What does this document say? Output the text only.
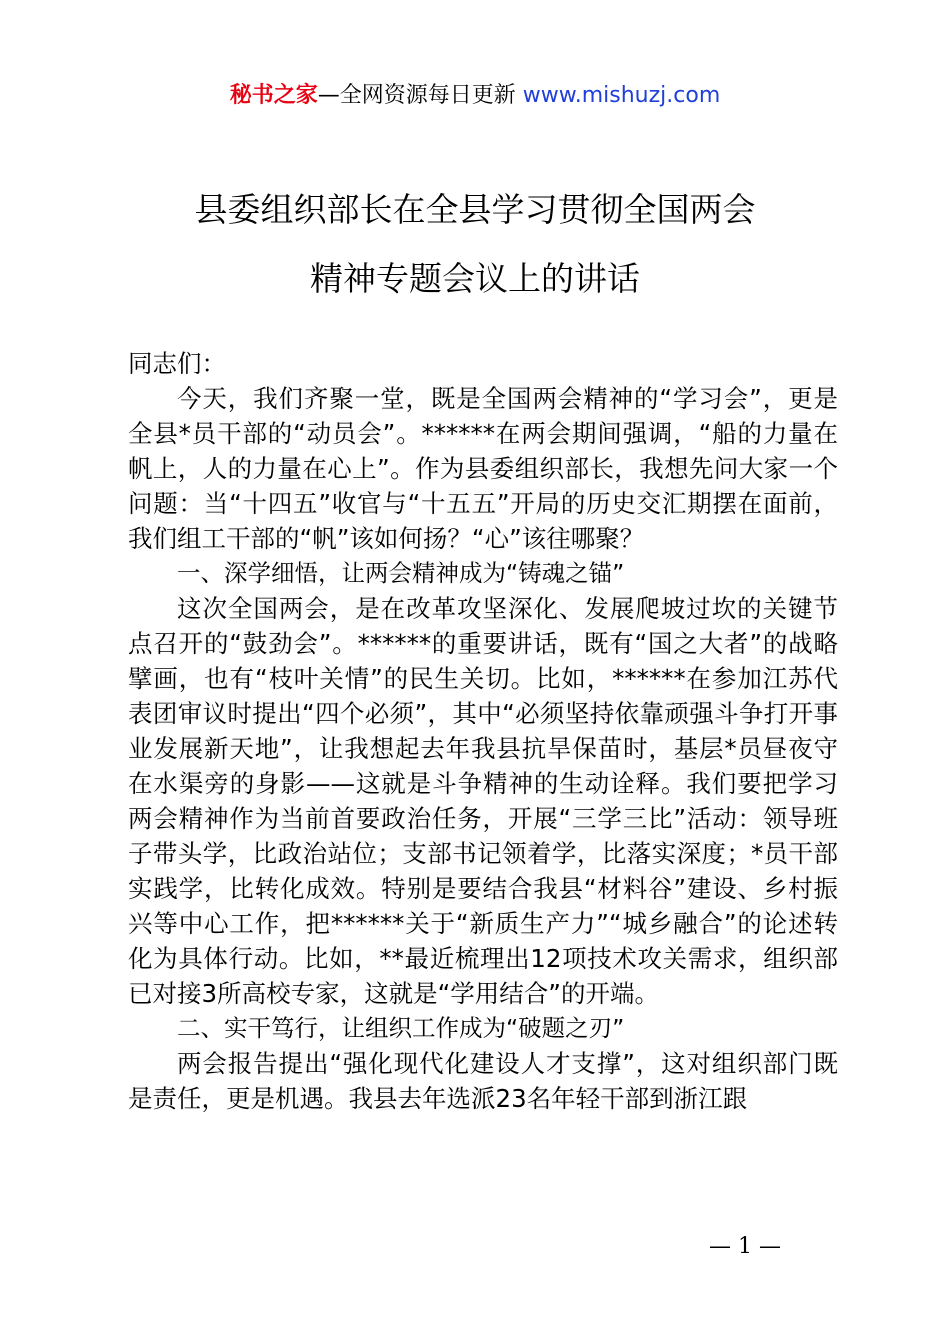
秘书之家—全网资源每日更新 www.mishuzj.com
县委组织部长在全县学习贯彻全国两会
精神专题会议上的讲话

同志们：

今天，我们齐聚一堂，既是全国两会精神的“学习会”，更是全县*员干部的“动员会”。******在两会期间强调，“船的力量在帆上，人的力量在心上”。作为县委组织部长，我想先问大家一个问题：当“十四五”收官与“十五五”开局的历史交汇期摆在面前，我们组工干部的“帆”该如何扬？“心”该往哪聚？

一、深学细悟，让两会精神成为“铸魂之锚”

这次全国两会，是在改革攻坚深化、发展爬坡过坎的关键节点召开的“鼓劲会”。******的重要讲话，既有“国之大者”的战略擘画，也有“枝叶关情”的民生关切。比如，******在参加江苏代表团审议时提出“四个必须”，其中“必须坚持依靠顽强斗争打开事业发展新天地”，让我想起去年我县抗旱保苗时，基层*员昼夜守在水渠旁的身影——这就是斗争精神的生动诠释。我们要把学习两会精神作为当前首要政治任务，开展“三学三比”活动：领导班子带头学，比政治站位；支部书记领着学，比落实深度；*员干部实践学，比转化成效。特别是要结合我县“材料谷”建设、乡村振兴等中心工作，把******关于“新质生产力”“城乡融合”的论述转化为具体行动。比如，**最近梳理出12项技术攻关需求，组织部已对接3所高校专家，这就是“学用结合”的开端。

二、实干笃行，让组织工作成为“破题之刃”

两会报告提出“强化现代化建设人才支撑”，这对组织部门既是责任，更是机遇。我县去年选派23名年轻干部到浙江跟

— 1 —
